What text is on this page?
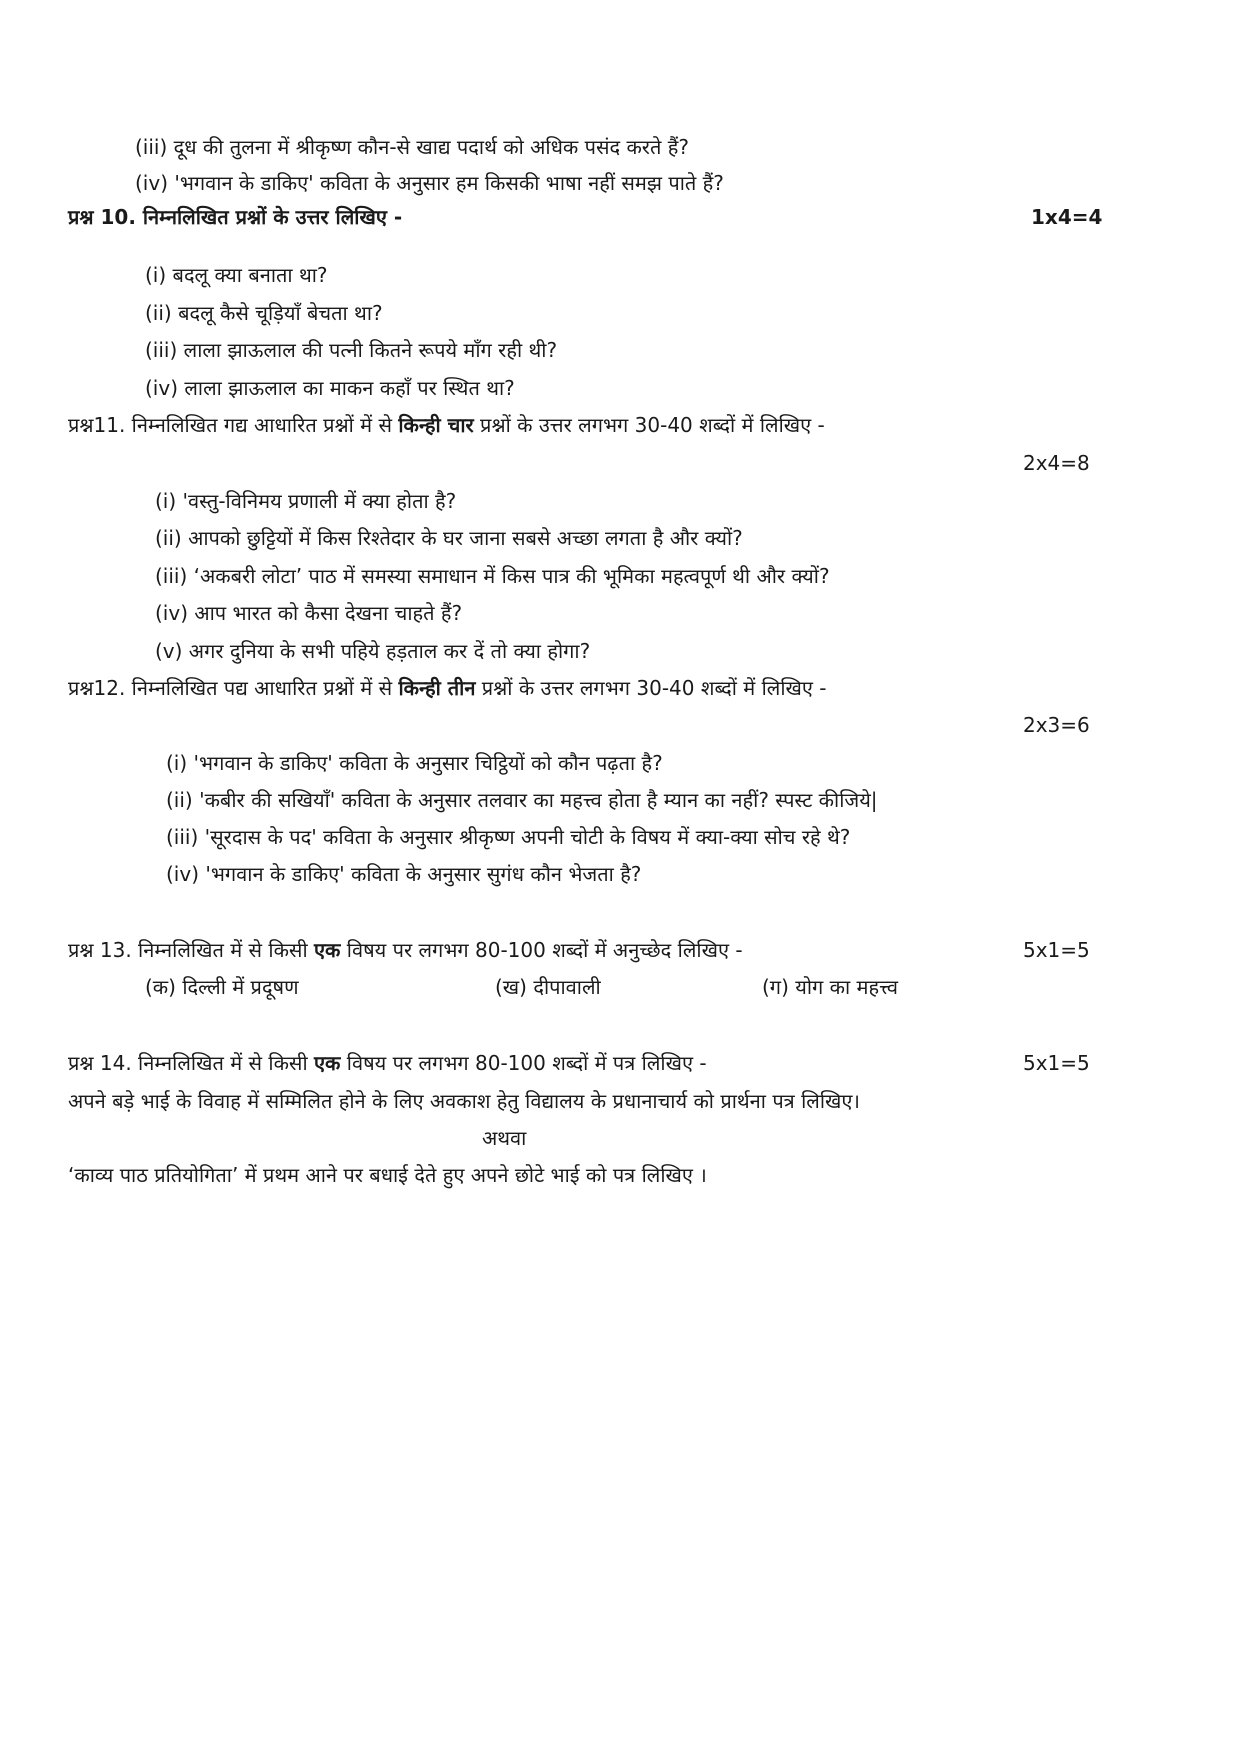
(iii) दूध की तुलना में श्रीकृष्ण कौन-से खाद्य पदार्थ को अधिक पसंद करते हैं?
(iv) 'भगवान के डाकिए' कविता के अनुसार हम किसकी भाषा नहीं समझ पाते हैं?
प्रश्न 10. निम्नलिखित प्रश्नों के उत्तर लिखिए -	1x4=4
(i) बदलू क्या बनाता था?
(ii) बदलू कैसे चूड़ियाँ बेचता था?
(iii) लाला झाऊलाल की पत्नी कितने रूपये माँग रही थी?
(iv) लाला झाऊलाल का माकन कहाँ पर स्थित था?
प्रश्न11. निम्नलिखित गद्य आधारित प्रश्नों में से किन्ही चार प्रश्नों के उत्तर लगभग 30-40 शब्दों में लिखिए -
2x4=8
(i) 'वस्तु-विनिमय प्रणाली में क्या होता है?
(ii) आपको छुट्टियों में किस रिश्तेदार के घर जाना सबसे अच्छा लगता है और क्यों?
(iii) ‘अकबरी लोटा’ पाठ में समस्या समाधान में किस पात्र की भूमिका महत्वपूर्ण थी और क्यों?
(iv) आप भारत को कैसा देखना चाहते हैं?
(v) अगर दुनिया के सभी पहिये हड़ताल कर दें तो क्या होगा?
प्रश्न12. निम्नलिखित पद्य आधारित प्रश्नों में से किन्ही तीन प्रश्नों के उत्तर लगभग 30-40 शब्दों में लिखिए -
2x3=6
(i) 'भगवान के डाकिए' कविता के अनुसार चिट्ठियों को कौन पढ़ता है?
(ii) 'कबीर की सखियाँ' कविता के अनुसार तलवार का महत्त्व होता है म्यान का नहीं? स्पस्ट कीजिये|
(iii) 'सूरदास के पद' कविता के अनुसार श्रीकृष्ण अपनी चोटी के विषय में क्या-क्या सोच रहे थे?
(iv) 'भगवान के डाकिए' कविता के अनुसार सुगंध कौन भेजता है?
प्रश्न 13. निम्नलिखित में से किसी एक विषय पर लगभग 80-100 शब्दों में अनुच्छेद लिखिए -	5x1=5
(क) दिल्ली में प्रदूषण	(ख) दीपावाली	(ग) योग का महत्त्व
प्रश्न 14. निम्नलिखित में से किसी एक विषय पर लगभग 80-100 शब्दों में पत्र लिखिए -	5x1=5
अपने बड़े भाई के विवाह में सम्मिलित होने के लिए अवकाश हेतु विद्यालय के प्रधानाचार्य को प्रार्थना पत्र लिखिए।
अथवा
‘काव्य पाठ प्रतियोगिता’ में प्रथम आने पर बधाई देते हुए अपने छोटे भाई को पत्र लिखिए ।
